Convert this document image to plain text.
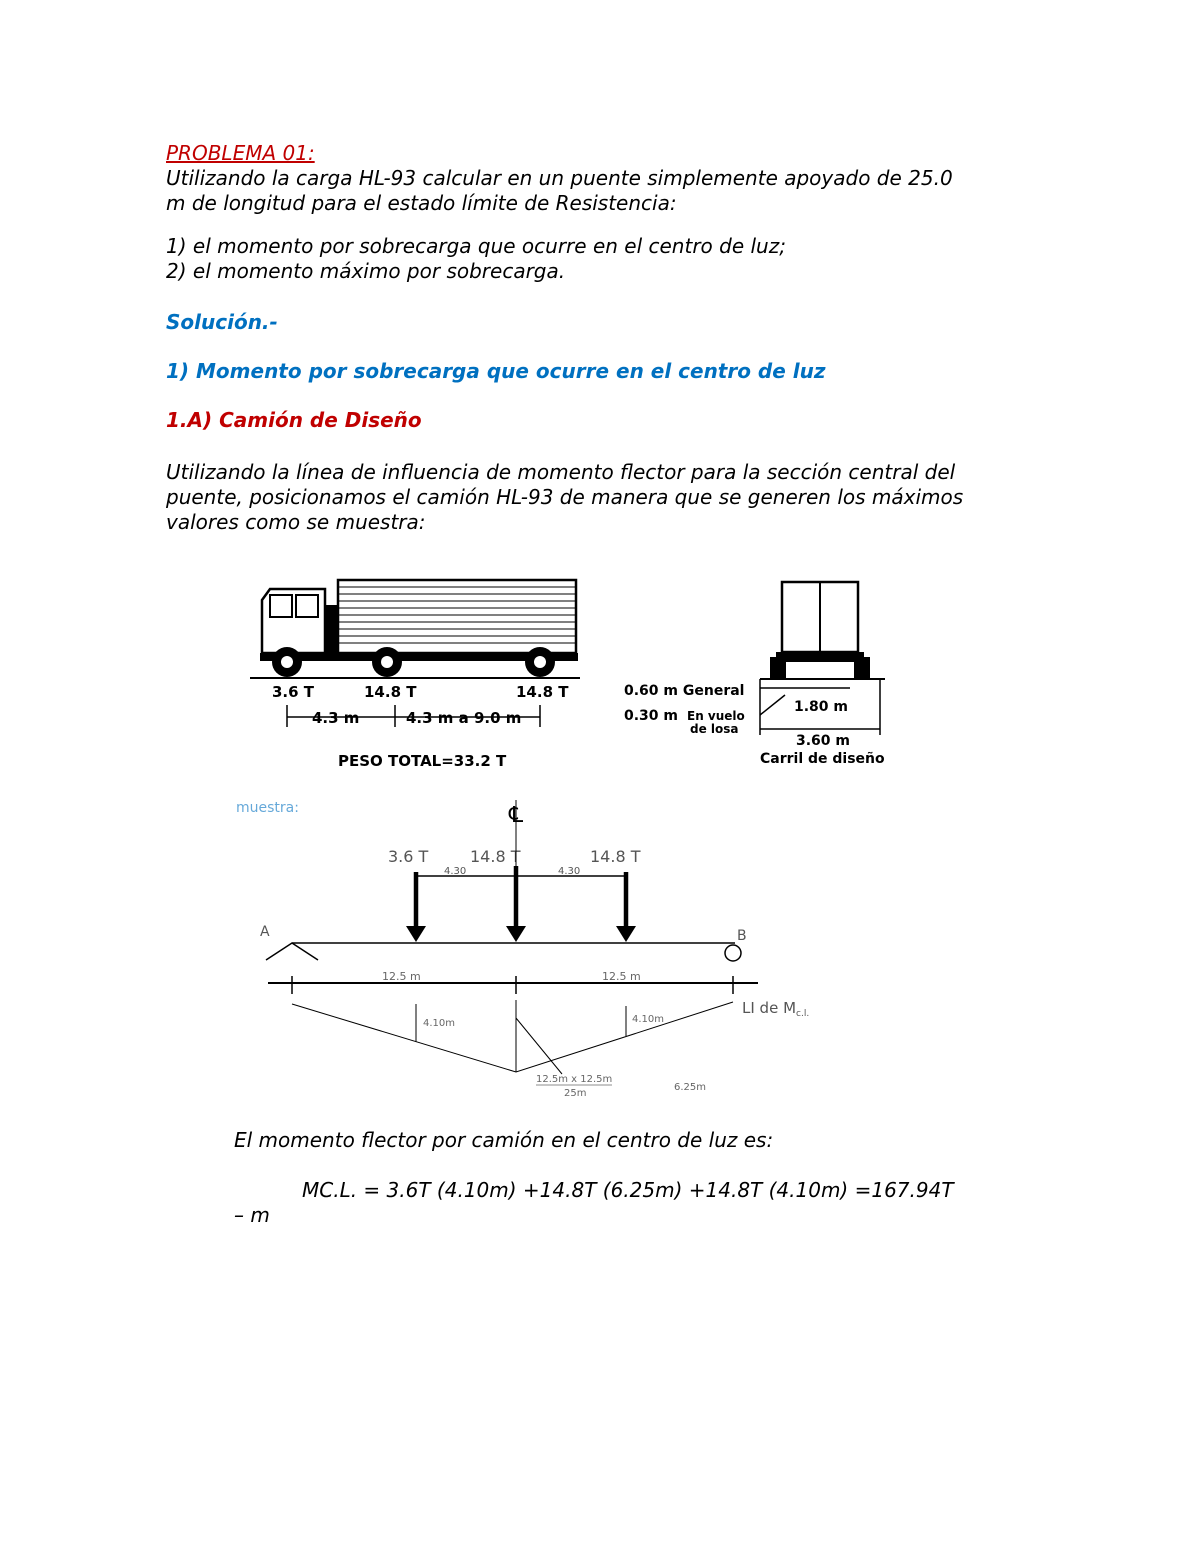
PROBLEMA 01:
Utilizando la carga HL-93 calcular en un puente simplemente apoyado de 25.0
m de longitud para el estado límite de Resistencia:
1) el momento por sobrecarga que ocurre en el centro de luz;
2) el momento máximo por sobrecarga.
Solución.-
1) Momento por sobrecarga que ocurre en el centro de luz
1.A) Camión de Diseño
Utilizando la línea de influencia de momento flector para la sección central del
puente, posicionamos el camión HL-93 de manera que se generen los máximos
valores como se muestra:
3.6 T	14.8 T	14.8 T
4.3 m	4.3 m a 9.0 m
PESO TOTAL=33.2 T
0.60 m General
0.30 m En vuelo
de losa
1.80 m
3.60 m
Carril de diseño
muestra:	℄
3.6 T	14.8 T	14.8 T
4.30	4.30
A	B
12.5 m	12.5 m
LI de $M_{c.l.}$
4.10m	4.10m
12.5m x 12.5m
25m
6.25m
El momento flector por camión en el centro de luz es:
MC.L. = 3.6T (4.10m) +14.8T (6.25m) +14.8T (4.10m) =167.94T
– m
